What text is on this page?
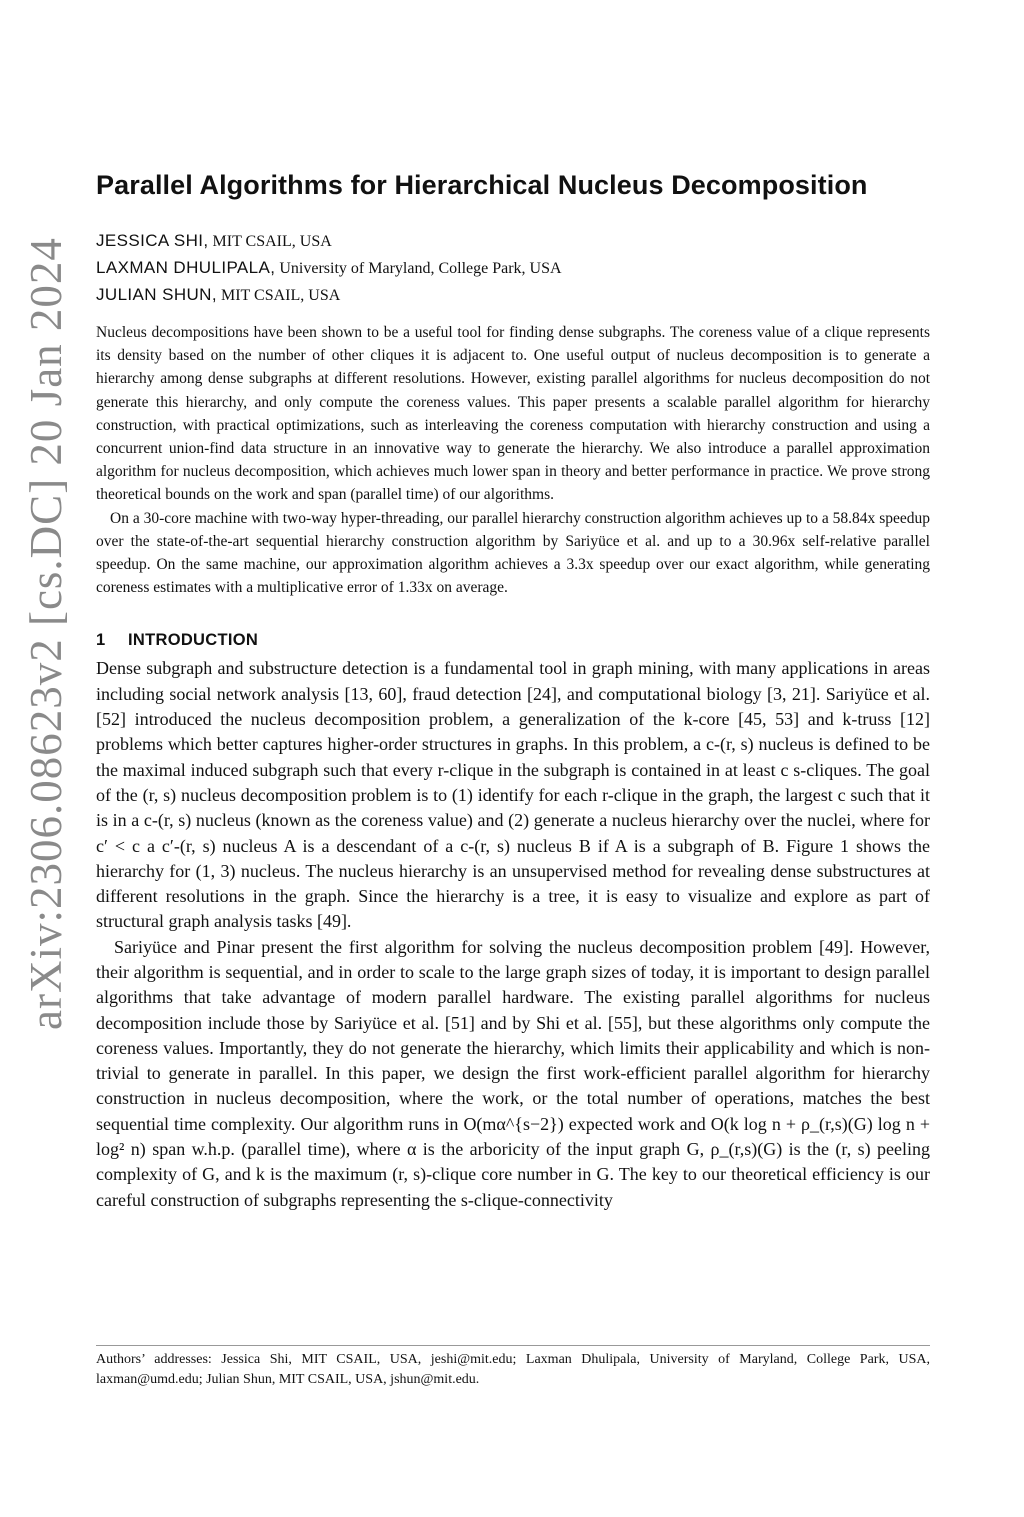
arXiv:2306.08623v2 [cs.DC] 20 Jan 2024
Parallel Algorithms for Hierarchical Nucleus Decomposition
JESSICA SHI, MIT CSAIL, USA
LAXMAN DHULIPALA, University of Maryland, College Park, USA
JULIAN SHUN, MIT CSAIL, USA

Nucleus decompositions have been shown to be a useful tool for finding dense subgraphs. The coreness value of a clique represents its density based on the number of other cliques it is adjacent to. One useful output of nucleus decomposition is to generate a hierarchy among dense subgraphs at different resolutions. However, existing parallel algorithms for nucleus decomposition do not generate this hierarchy, and only compute the coreness values. This paper presents a scalable parallel algorithm for hierarchy construction, with practical optimizations, such as interleaving the coreness computation with hierarchy construction and using a concurrent union-find data structure in an innovative way to generate the hierarchy. We also introduce a parallel approximation algorithm for nucleus decomposition, which achieves much lower span in theory and better performance in practice. We prove strong theoretical bounds on the work and span (parallel time) of our algorithms.

On a 30-core machine with two-way hyper-threading, our parallel hierarchy construction algorithm achieves up to a 58.84x speedup over the state-of-the-art sequential hierarchy construction algorithm by Sariyüce et al. and up to a 30.96x self-relative parallel speedup. On the same machine, our approximation algorithm achieves a 3.3x speedup over our exact algorithm, while generating coreness estimates with a multiplicative error of 1.33x on average.

1 INTRODUCTION

Dense subgraph and substructure detection is a fundamental tool in graph mining, with many applications in areas including social network analysis [13, 60], fraud detection [24], and computational biology [3, 21]. Sariyüce et al. [52] introduced the nucleus decomposition problem, a generalization of the k-core [45, 53] and k-truss [12] problems which better captures higher-order structures in graphs. In this problem, a c-(r, s) nucleus is defined to be the maximal induced subgraph such that every r-clique in the subgraph is contained in at least c s-cliques. The goal of the (r, s) nucleus decomposition problem is to (1) identify for each r-clique in the graph, the largest c such that it is in a c-(r, s) nucleus (known as the coreness value) and (2) generate a nucleus hierarchy over the nuclei, where for c′ < c a c′-(r, s) nucleus A is a descendant of a c-(r, s) nucleus B if A is a subgraph of B. Figure 1 shows the hierarchy for (1, 3) nucleus. The nucleus hierarchy is an unsupervised method for revealing dense substructures at different resolutions in the graph. Since the hierarchy is a tree, it is easy to visualize and explore as part of structural graph analysis tasks [49].

Sariyüce and Pinar present the first algorithm for solving the nucleus decomposition problem [49]. However, their algorithm is sequential, and in order to scale to the large graph sizes of today, it is important to design parallel algorithms that take advantage of modern parallel hardware. The existing parallel algorithms for nucleus decomposition include those by Sariyüce et al. [51] and by Shi et al. [55], but these algorithms only compute the coreness values. Importantly, they do not generate the hierarchy, which limits their applicability and which is non-trivial to generate in parallel. In this paper, we design the first work-efficient parallel algorithm for hierarchy construction in nucleus decomposition, where the work, or the total number of operations, matches the best sequential time complexity. Our algorithm runs in O(mα^{s−2}) expected work and O(k log n + ρ_(r,s)(G) log n + log² n) span w.h.p. (parallel time), where α is the arboricity of the input graph G, ρ_(r,s)(G) is the (r, s) peeling complexity of G, and k is the maximum (r, s)-clique core number in G. The key to our theoretical efficiency is our careful construction of subgraphs representing the s-clique-connectivity

Authors’ addresses: Jessica Shi, MIT CSAIL, USA, jeshi@mit.edu; Laxman Dhulipala, University of Maryland, College Park, USA, laxman@umd.edu; Julian Shun, MIT CSAIL, USA, jshun@mit.edu.
